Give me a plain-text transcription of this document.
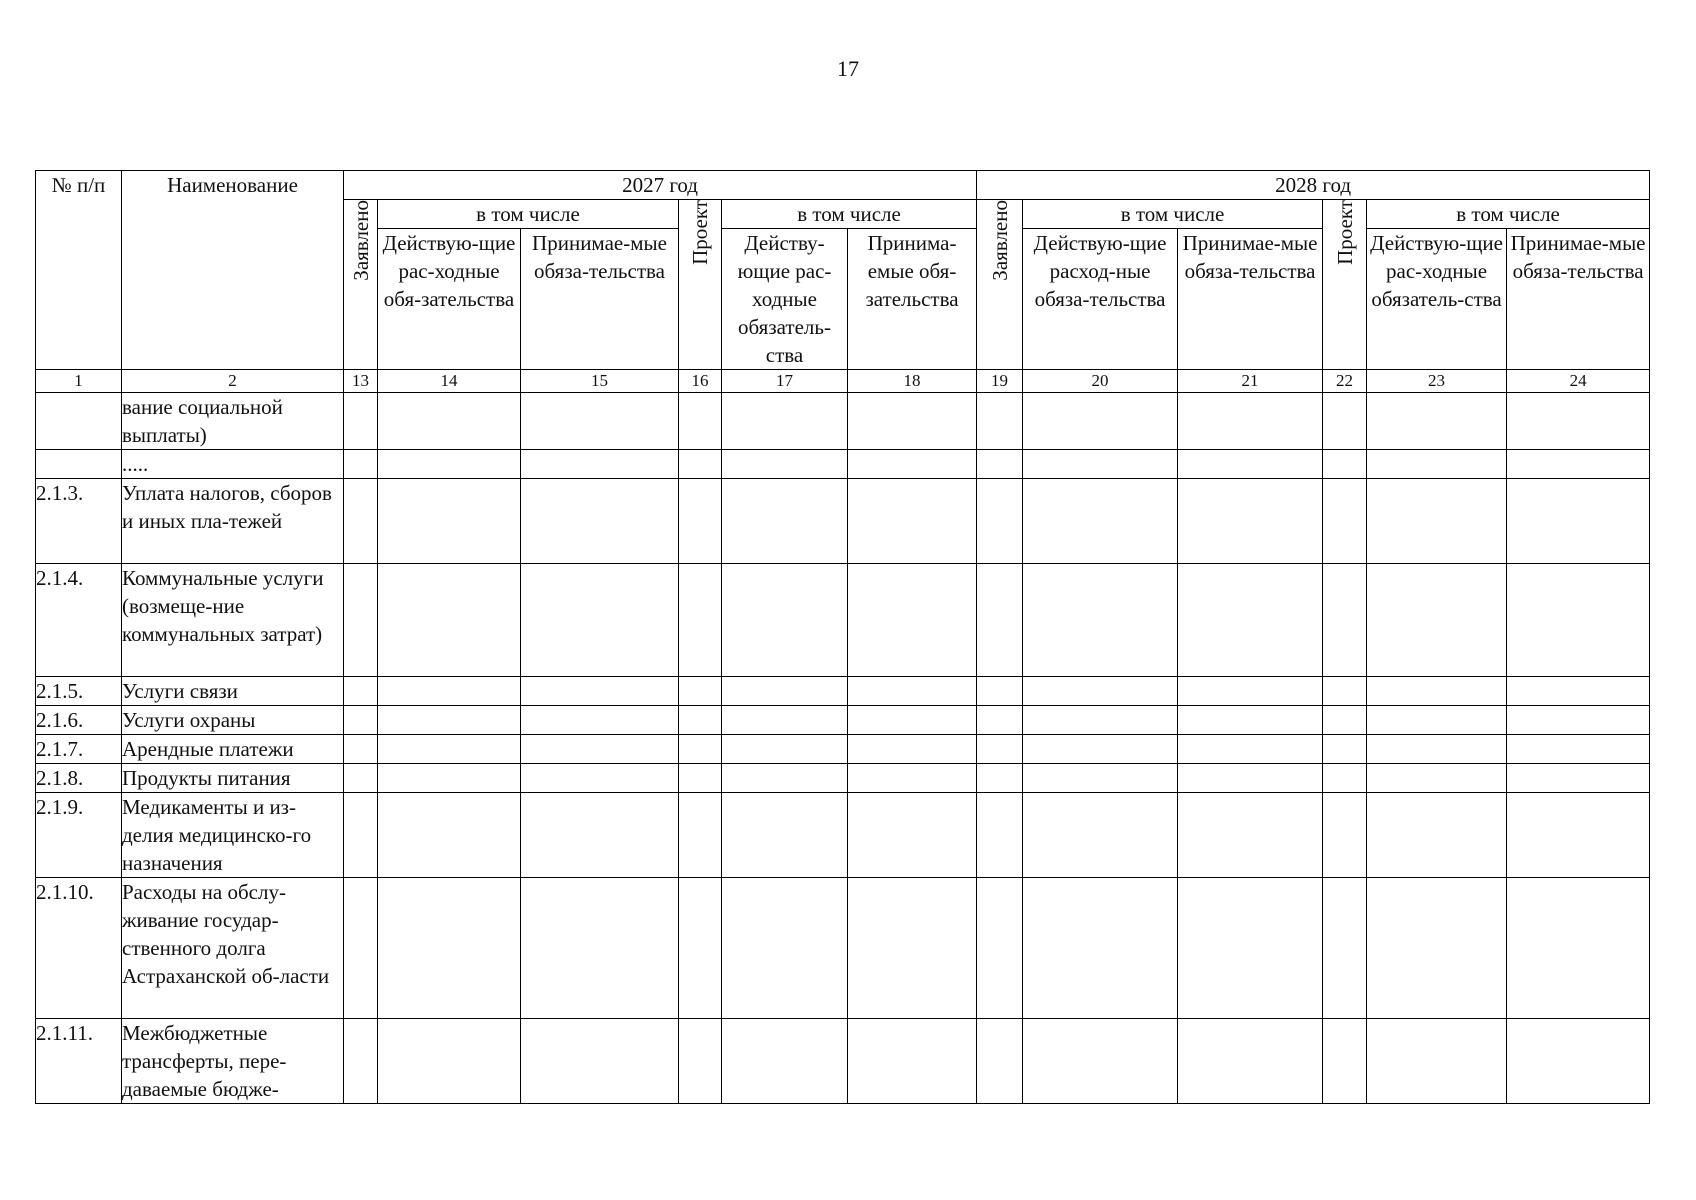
17
№ п/п	Наименование	2027 год						2028 год					

		Заявлено	в том числе		Проект	в том числе		Заявлено	в том числе		Проект	в том числе	
			Действую-щие рас-ходные обя-зательства	Принимае-мые обяза-тельства		Действу-ющие рас-ходные обязатель-ства	Принима-емые обя-зательства		Действую-щие расход-ные обяза-тельства	Принимае-мые обяза-тельства		Действую-щие рас-ходные обязатель-ства	Принимае-мые обяза-тельства
1	2	13	14	15	16	17	18	19	20	21	22	23	24
	вание социальной выплаты)												
	.....												
2.1.3.	Уплата налогов, сборов и иных пла-тежей												
2.1.4.	Коммунальные услуги (возмеще-ние коммунальных затрат)												
2.1.5.	Услуги связи												
2.1.6.	Услуги охраны												
2.1.7.	Арендные платежи												
2.1.8.	Продукты питания												
2.1.9.	Медикаменты и из-делия медицинско-го назначения												
2.1.10.	Расходы на обслу-живание государ-ственного долга Астраханской об-ласти												
2.1.11.	Межбюджетные трансферты, пере-даваемые бюдже-												
